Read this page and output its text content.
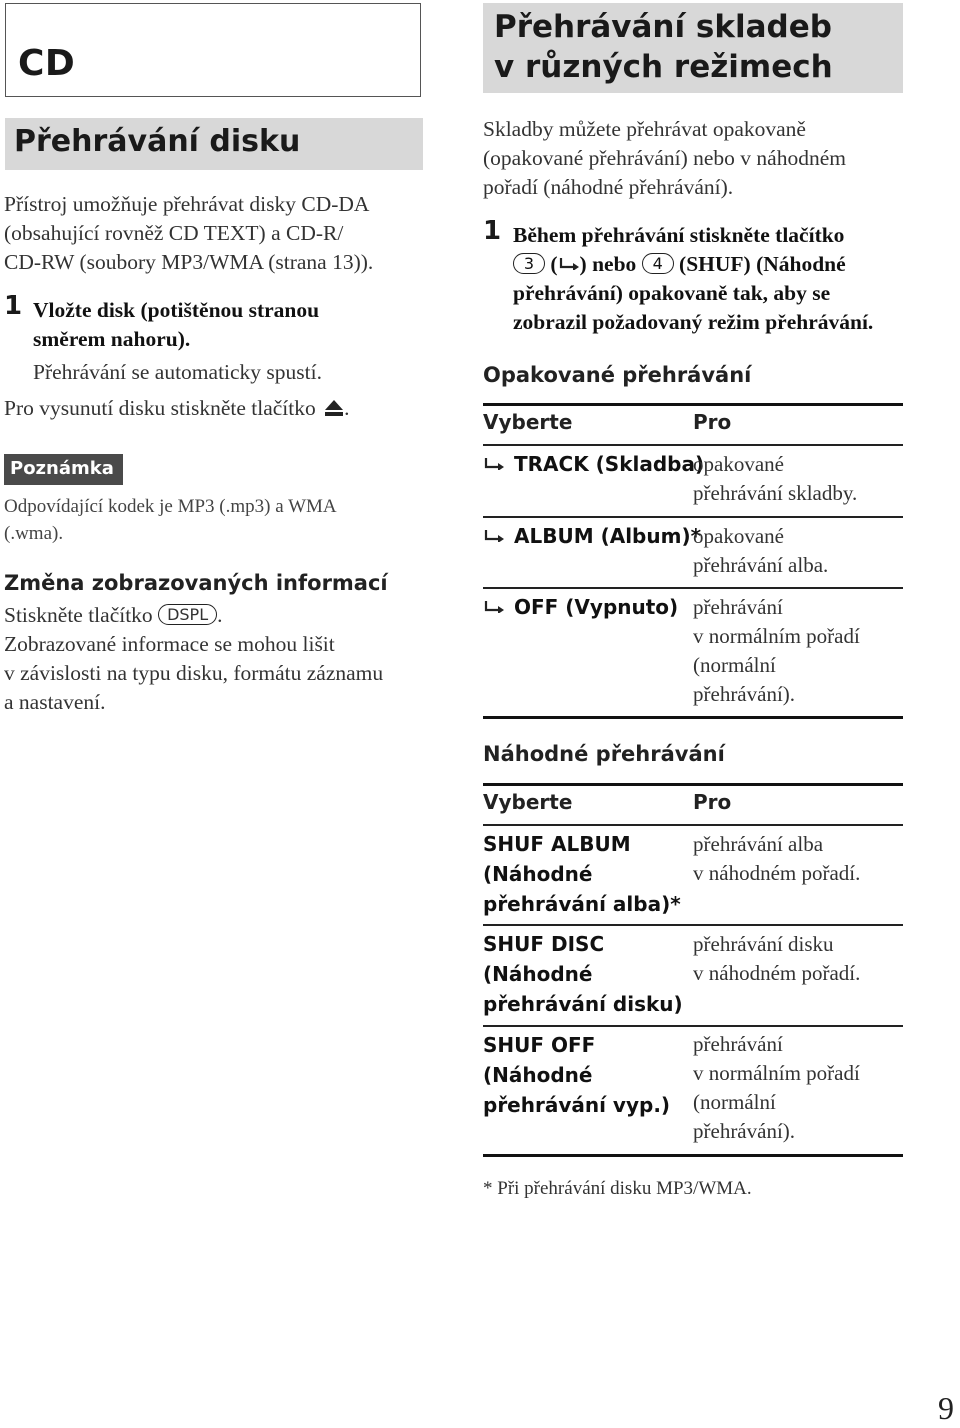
CD
Přehrávání disku
Přístroj umožňuje přehrávat disky CD-DA
(obsahující rovněž CD TEXT) a CD-R/
CD-RW (soubory MP3/WMA (strana 13)).
1 Vložte disk (potištěnou stranou
směrem nahoru).
Přehrávání se automaticky spustí.
Pro vysunutí disku stiskněte tlačítko .
Poznámka
Odpovídající kodek je MP3 (.mp3) a WMA
(.wma).
Změna zobrazovaných informací
Stiskněte tlačítko DSPL .
Zobrazované informace se mohou lišit
v závislosti na typu disku, formátu záznamu
a nastavení.
Přehrávání skladeb
v různých režimech
Skladby můžete přehrávat opakovaně
(opakované přehrávání) nebo v náhodném
pořadí (náhodné přehrávání).
1 Během přehrávání stiskněte tlačítko
3 ( ) nebo 4 (SHUF) (Náhodné
přehrávání) opakovaně tak, aby se
zobrazil požadovaný režim přehrávání.
Opakované přehrávání
Vyberte	Pro
TRACK (Skladba)
opakované
přehrávání skladby.
ALBUM (Album)*
opakované
přehrávání alba.
OFF (Vypnuto) přehrávání
v normálním pořadí
(normální
přehrávání).
Náhodné přehrávání
Vyberte	Pro
SHUF ALBUM
(Náhodné
přehrávání alba)*
přehrávání alba
v náhodném pořadí.
SHUF DISC
(Náhodné
přehrávání disku)
přehrávání disku
v náhodném pořadí.
SHUF OFF
(Náhodné
přehrávání vyp.)
přehrávání
v normálním pořadí
(normální
přehrávání).
* Při přehrávání disku MP3/WMA.
9
